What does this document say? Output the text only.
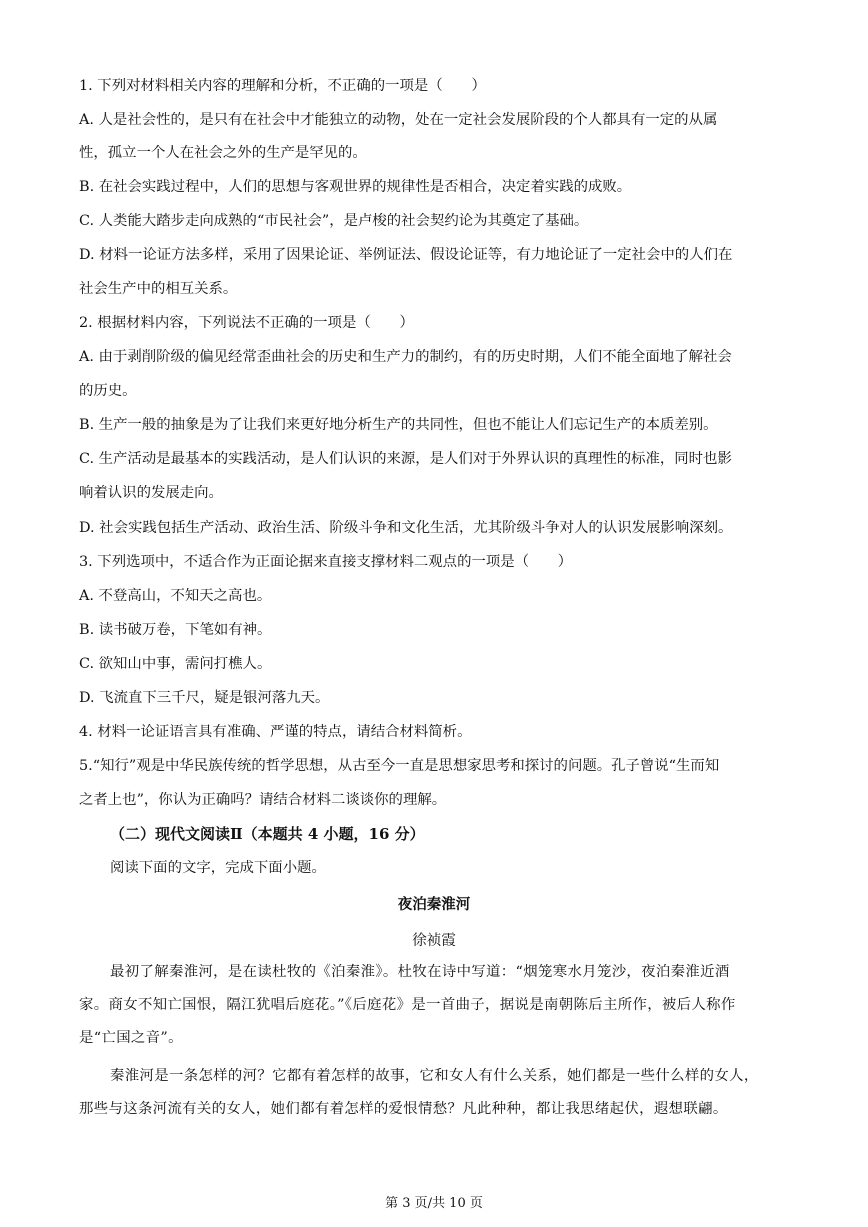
1. 下列对材料相关内容的理解和分析，不正确的一项是（　　）
A. 人是社会性的，是只有在社会中才能独立的动物，处在一定社会发展阶段的个人都具有一定的从属
性，孤立一个人在社会之外的生产是罕见的。
B. 在社会实践过程中，人们的思想与客观世界的规律性是否相合，决定着实践的成败。
C. 人类能大踏步走向成熟的“市民社会”，是卢梭的社会契约论为其奠定了基础。
D. 材料一论证方法多样，采用了因果论证、举例证法、假设论证等，有力地论证了一定社会中的人们在
社会生产中的相互关系。
2. 根据材料内容，下列说法不正确的一项是（　　）
A. 由于剥削阶级的偏见经常歪曲社会的历史和生产力的制约，有的历史时期，人们不能全面地了解社会
的历史。
B. 生产一般的抽象是为了让我们来更好地分析生产的共同性，但也不能让人们忘记生产的本质差别。
C. 生产活动是最基本的实践活动，是人们认识的来源，是人们对于外界认识的真理性的标准，同时也影
响着认识的发展走向。
D. 社会实践包括生产活动、政治生活、阶级斗争和文化生活，尤其阶级斗争对人的认识发展影响深刻。
3. 下列选项中，不适合作为正面论据来直接支撑材料二观点的一项是（　　）
A. 不登高山，不知天之高也。
B. 读书破万卷，下笔如有神。
C. 欲知山中事，需问打樵人。
D. 飞流直下三千尺，疑是银河落九天。
4. 材料一论证语言具有准确、严谨的特点，请结合材料简析。
5.“知行”观是中华民族传统的哲学思想，从古至今一直是思想家思考和探讨的问题。孔子曾说“生而知
之者上也”，你认为正确吗？请结合材料二谈谈你的理解。
（二）现代文阅读Ⅱ（本题共 4 小题，16 分）
阅读下面的文字，完成下面小题。
夜泊秦淮河
徐祯霞
最初了解秦淮河，是在读杜牧的《泊秦淮》。杜牧在诗中写道：“烟笼寒水月笼沙，夜泊秦淮近酒
家。商女不知亡国恨，隔江犹唱后庭花。”《后庭花》是一首曲子，据说是南朝陈后主所作，被后人称作
是“亡国之音”。
秦淮河是一条怎样的河？它都有着怎样的故事，它和女人有什么关系，她们都是一些什么样的女人，
那些与这条河流有关的女人，她们都有着怎样的爱恨情愁？凡此种种，都让我思绪起伏，遐想联翩。
第 3 页/共 10 页
